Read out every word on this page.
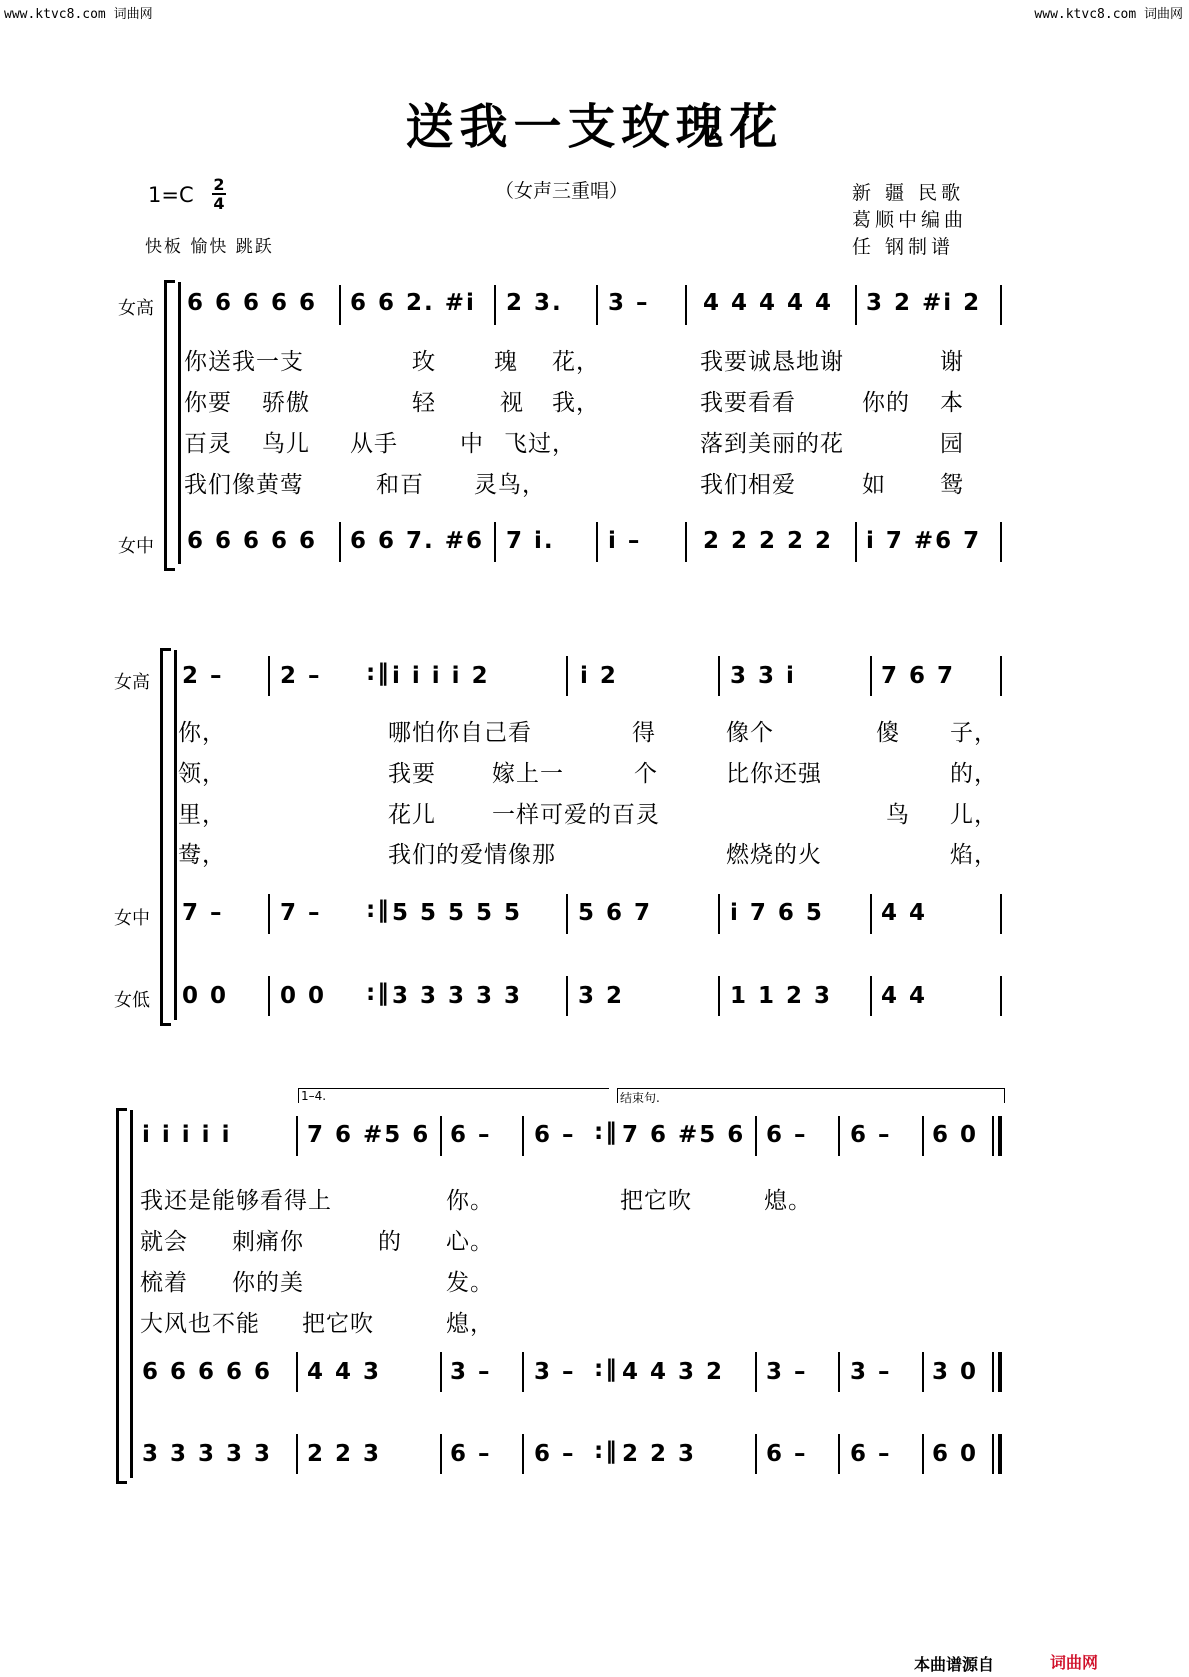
www.ktvc8.com 词曲网	www.ktvc8.com 词曲网
送我一支玫瑰花
（女声三重唱）
1=C 2
4
快板 愉快 跳跃
新 疆 民歌
葛顺中编曲
任 钢制谱
女高
女中
6 6 6 6 6 6 6 2. #i 2 3. 3 – 4 4 4 4 4 3 2 #i 2
你送我一支	玫	瑰 花，	我要诚恳地谢	谢
你要 骄傲	轻	视 我，	我要看看	你的 本
百灵 鸟儿 从手	中 飞过，	落到美丽的花	园
我们像黄莺	和百 灵鸟，	我们相爱	如 鸳
6 6 6 6 6 6 6 7. #6 7 i. i –	2 2 2 2 2 i 7 #6 7
女高
女中
女低
2 – 2 – :‖ i i i i 2	i 2	3 3 i	7 6 7
你，	哪怕你自己看	得	像个	傻 子，
领，	我要 嫁上一	个	比你还强	的，
里，	花儿 一样可爱的百灵	鸟 儿，
鸯，	我们的爱情像那	燃烧的火	焰，
7 – 7 – :‖ 5 5 5 5 5 5 6 7	i 7 6 5 4 4
0 0 0 0 :‖ 3 3 3 3 3 3 2	1 1 2 3 4 4
1–4.	结束句.
i i i i i	7 6 #5 6 6 – 6 – :‖ 7 6 #5 6 6 – 6 – 6 0
我还是能够看得上	你。	把它吹	熄。
就会 刺痛你	的 心。
梳着 你的美	发。
大风也不能 把它吹	熄，
6 6 6 6 6 4 4 3	3 – 3 – :‖ 4 4 3 2 3 – 3 – 3 0
3 3 3 3 3 2 2 3	6 – 6 – :‖ 2 2 3	6 – 6 – 6 0
本曲谱源自	词曲网
